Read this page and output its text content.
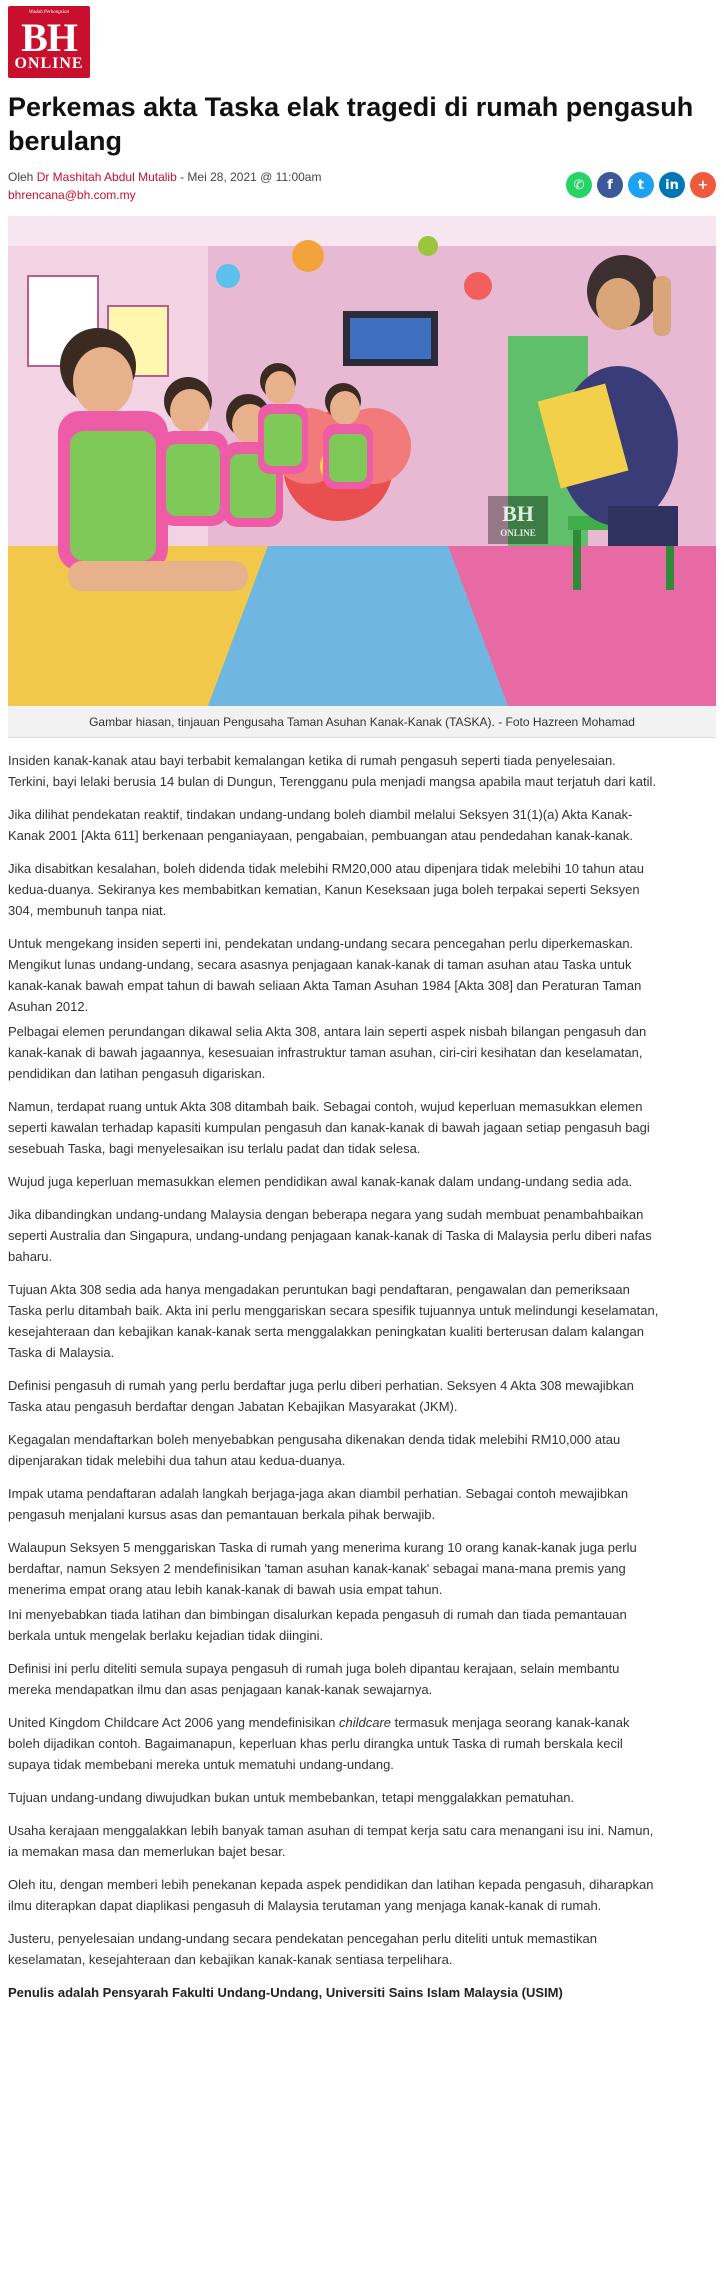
Wadah Perkongsian
BH
ONLINE
Perkemas akta Taska elak tragedi di rumah pengasuh berulang
Oleh Dr Mashitah Abdul Mutalib - Mei 28, 2021 @ 11:00am
bhrencana@bh.com.my
✆	f	t	in	+
BH
ONLINE
Gambar hiasan, tinjauan Pengusaha Taman Asuhan Kanak-Kanak (TASKA). - Foto Hazreen Mohamad

Insiden kanak-kanak atau bayi terbabit kemalangan ketika di rumah pengasuh seperti tiada penyelesaian. Terkini, bayi lelaki berusia 14 bulan di Dungun, Terengganu pula menjadi mangsa apabila maut terjatuh dari katil.

Jika dilihat pendekatan reaktif, tindakan undang-undang boleh diambil melalui Seksyen 31(1)(a) Akta Kanak-Kanak 2001 [Akta 611] berkenaan penganiayaan, pengabaian, pembuangan atau pendedahan kanak-kanak.

Jika disabitkan kesalahan, boleh didenda tidak melebihi RM20,000 atau dipenjara tidak melebihi 10 tahun atau kedua-duanya. Sekiranya kes membabitkan kematian, Kanun Keseksaan juga boleh terpakai seperti Seksyen 304, membunuh tanpa niat.

Untuk mengekang insiden seperti ini, pendekatan undang-undang secara pencegahan perlu diperkemaskan. Mengikut lunas undang-undang, secara asasnya penjagaan kanak-kanak di taman asuhan atau Taska untuk kanak-kanak bawah empat tahun di bawah seliaan Akta Taman Asuhan 1984 [Akta 308] dan Peraturan Taman Asuhan 2012.

Pelbagai elemen perundangan dikawal selia Akta 308, antara lain seperti aspek nisbah bilangan pengasuh dan kanak-kanak di bawah jagaannya, kesesuaian infrastruktur taman asuhan, ciri-ciri kesihatan dan keselamatan, pendidikan dan latihan pengasuh digariskan.

Namun, terdapat ruang untuk Akta 308 ditambah baik. Sebagai contoh, wujud keperluan memasukkan elemen seperti kawalan terhadap kapasiti kumpulan pengasuh dan kanak-kanak di bawah jagaan setiap pengasuh bagi sesebuah Taska, bagi menyelesaikan isu terlalu padat dan tidak selesa.

Wujud juga keperluan memasukkan elemen pendidikan awal kanak-kanak dalam undang-undang sedia ada.

Jika dibandingkan undang-undang Malaysia dengan beberapa negara yang sudah membuat penambahbaikan seperti Australia dan Singapura, undang-undang penjagaan kanak-kanak di Taska di Malaysia perlu diberi nafas baharu.

Tujuan Akta 308 sedia ada hanya mengadakan peruntukan bagi pendaftaran, pengawalan dan pemeriksaan Taska perlu ditambah baik. Akta ini perlu menggariskan secara spesifik tujuannya untuk melindungi keselamatan, kesejahteraan dan kebajikan kanak-kanak serta menggalakkan peningkatan kualiti berterusan dalam kalangan Taska di Malaysia.

Definisi pengasuh di rumah yang perlu berdaftar juga perlu diberi perhatian. Seksyen 4 Akta 308 mewajibkan Taska atau pengasuh berdaftar dengan Jabatan Kebajikan Masyarakat (JKM).

Kegagalan mendaftarkan boleh menyebabkan pengusaha dikenakan denda tidak melebihi RM10,000 atau dipenjarakan tidak melebihi dua tahun atau kedua-duanya.

Impak utama pendaftaran adalah langkah berjaga-jaga akan diambil perhatian. Sebagai contoh mewajibkan pengasuh menjalani kursus asas dan pemantauan berkala pihak berwajib.

Walaupun Seksyen 5 menggariskan Taska di rumah yang menerima kurang 10 orang kanak-kanak juga perlu berdaftar, namun Seksyen 2 mendefinisikan 'taman asuhan kanak-kanak' sebagai mana-mana premis yang menerima empat orang atau lebih kanak-kanak di bawah usia empat tahun.

Ini menyebabkan tiada latihan dan bimbingan disalurkan kepada pengasuh di rumah dan tiada pemantauan berkala untuk mengelak berlaku kejadian tidak diingini.

Definisi ini perlu diteliti semula supaya pengasuh di rumah juga boleh dipantau kerajaan, selain membantu mereka mendapatkan ilmu dan asas penjagaan kanak-kanak sewajarnya.

United Kingdom Childcare Act 2006 yang mendefinisikan childcare termasuk menjaga seorang kanak-kanak boleh dijadikan contoh. Bagaimanapun, keperluan khas perlu dirangka untuk Taska di rumah berskala kecil supaya tidak membebani mereka untuk mematuhi undang-undang.

Tujuan undang-undang diwujudkan bukan untuk membebankan, tetapi menggalakkan pematuhan.

Usaha kerajaan menggalakkan lebih banyak taman asuhan di tempat kerja satu cara menangani isu ini. Namun, ia memakan masa dan memerlukan bajet besar.

Oleh itu, dengan memberi lebih penekanan kepada aspek pendidikan dan latihan kepada pengasuh, diharapkan ilmu diterapkan dapat diaplikasi pengasuh di Malaysia terutaman yang menjaga kanak-kanak di rumah.

Justeru, penyelesaian undang-undang secara pendekatan pencegahan perlu diteliti untuk memastikan keselamatan, kesejahteraan dan kebajikan kanak-kanak sentiasa terpelihara.

Penulis adalah Pensyarah Fakulti Undang-Undang, Universiti Sains Islam Malaysia (USIM)
